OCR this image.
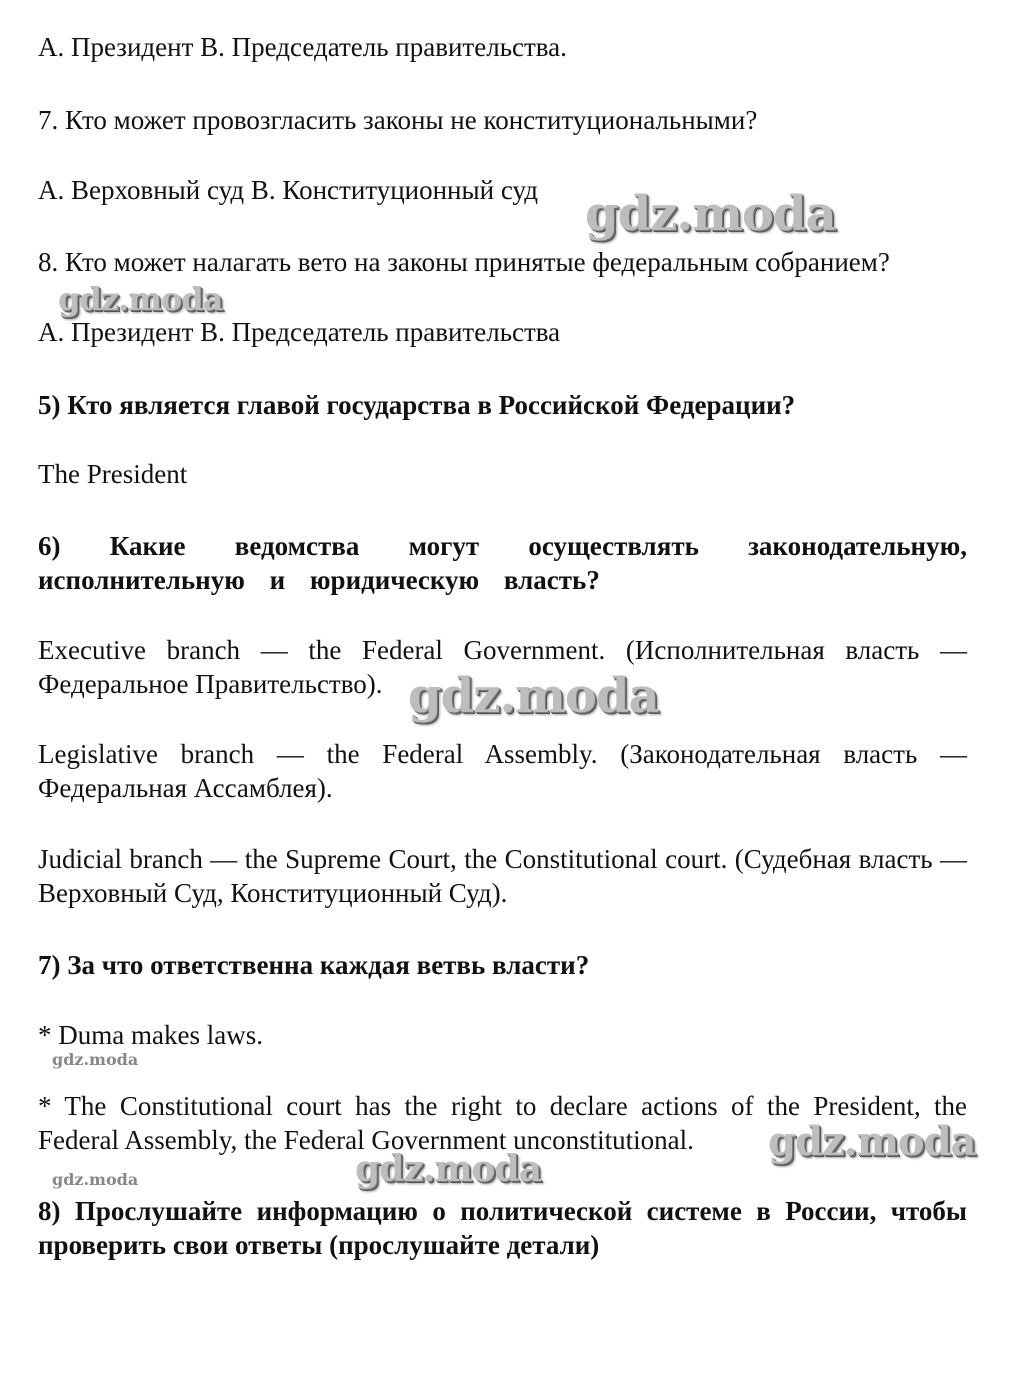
А. Президент В. Председатель правительства.
7. Кто может провозгласить законы не конституциональными?
А. Верховный суд В. Конституционный суд
8. Кто может налагать вето на законы принятые федеральным собранием?
А. Президент В. Председатель правительства
5) Кто является главой государства в Российской Федерации?
The President
6) Какие ведомства могут осуществлять законодательную, исполнительную и юридическую власть?
Executive branch — the Federal Government. (Исполнительная власть — Федеральное Правительство).
Legislative branch — the Federal Assembly. (Законодательная власть — Федеральная Ассамблея).
Judicial branch — the Supreme Court, the Constitutional court. (Судебная власть — Верховный Суд, Конституционный Суд).
7) За что ответственна каждая ветвь власти?
* Duma makes laws.
* The Constitutional court has the right to declare actions of the President, the Federal Assembly, the Federal Government unconstitutional.
8) Прослушайте информацию о политической системе в России, чтобы проверить свои ответы (прослушайте детали)
gdz.moda
gdz.moda
gdz.moda
gdz.moda
gdz.moda
gdz.moda
gdz.moda
